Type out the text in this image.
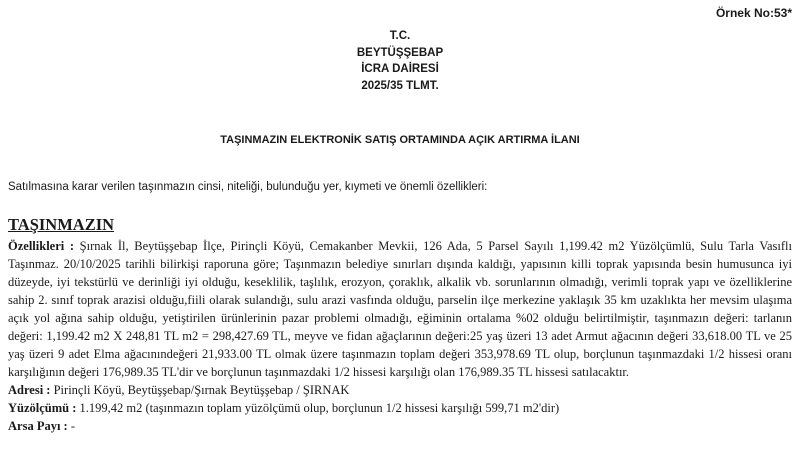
Örnek No:53*
T.C.
BEYTÜŞŞEBAP
İCRA DAİRESİ
2025/35 TLMT.
TAŞINMAZIN ELEKTRONİK SATIŞ ORTAMINDA AÇIK ARTIRMA İLANI
Satılmasına karar verilen taşınmazın cinsi, niteliği, bulunduğu yer, kıymeti ve önemli özellikleri:
TAŞINMAZIN

Özellikleri : Şırnak İl, Beytüşşebap İlçe, Pirinçli Köyü, Cemakanber Mevkii, 126 Ada, 5 Parsel Sayılı 1,199.42 m2 Yüzölçümlü, Sulu Tarla Vasıflı Taşınmaz. 20/10/2025 tarihli bilirkişi raporuna göre; Taşınmazın belediye sınırları dışında kaldığı, yapısının killi toprak yapısında besin humusunca iyi düzeyde, iyi tekstürlü ve derinliği iyi olduğu, keseklilik, taşlılık, erozyon, çoraklık, alkalik vb. sorunlarının olmadığı, verimli toprak yapı ve özelliklerine sahip 2. sınıf toprak arazisi olduğu,fiili olarak sulandığı, sulu arazi vasfında olduğu, parselin ilçe merkezine yaklaşık 35 km uzaklıkta her mevsim ulaşıma açık yol ağına sahip olduğu, yetiştirilen ürünlerinin pazar problemi olmadığı, eğiminin ortalama %02 olduğu belirtilmiştir, taşınmazın değeri: tarlanın değeri: 1,199.42 m2 X 248,81 TL m2 = 298,427.69 TL, meyve ve fidan ağaçlarının değeri:25 yaş üzeri 13 adet Armut ağacının değeri 33,618.00 TL ve 25 yaş üzeri 9 adet Elma ağacınındeğeri 21,933.00 TL olmak üzere taşınmazın toplam değeri 353,978.69 TL olup, borçlunun taşınmazdaki 1/2 hissesi oranı karşılığının değeri 176,989.35 TL'dir ve borçlunun taşınmazdaki 1/2 hissesi karşılığı olan 176,989.35 TL hissesi satılacaktır.

Adresi : Pirinçli Köyü, Beytüşşebap/Şırnak Beytüşşebap / ŞIRNAK
Yüzölçümü : 1.199,42 m2 (taşınmazın toplam yüzölçümü olup, borçlunun 1/2 hissesi karşılığı 599,71 m2'dir)
Arsa Payı : -
